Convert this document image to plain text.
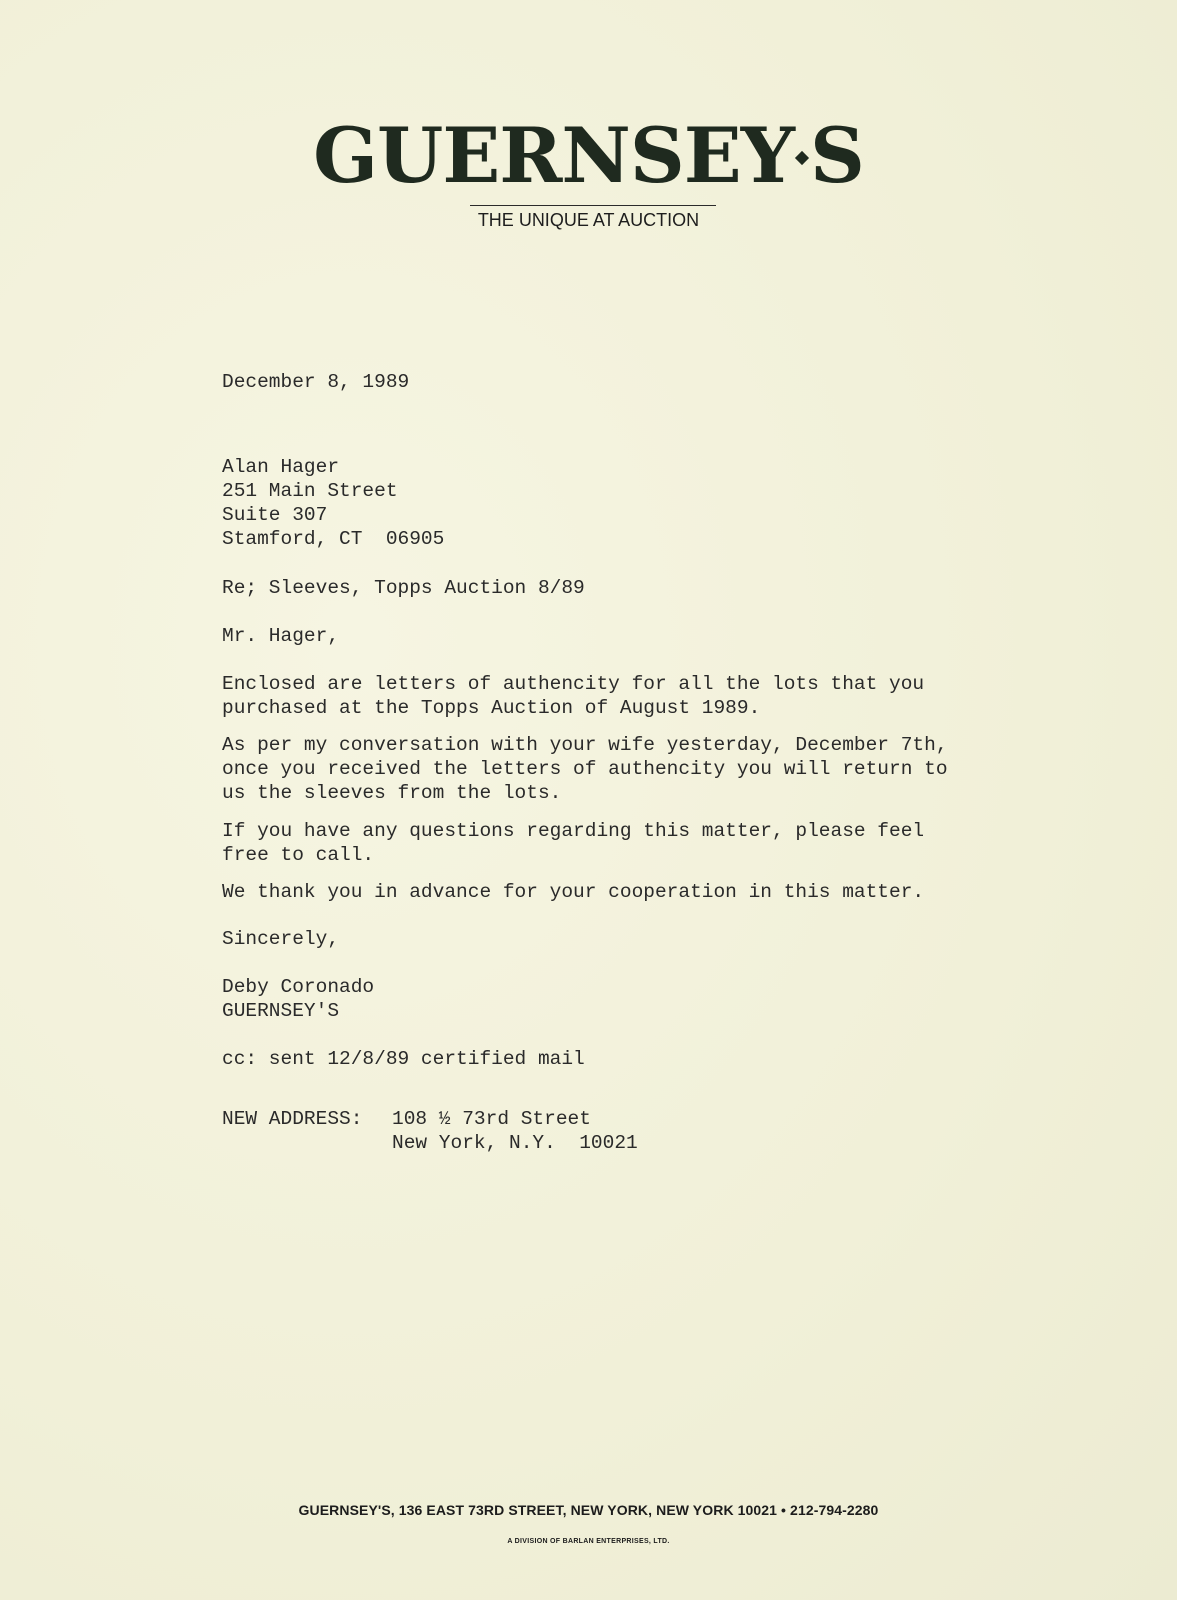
GUERNSEY S
THE UNIQUE AT AUCTION
December 8, 1989
Alan Hager
251 Main Street
Suite 307
Stamford, CT  06905
Re; Sleeves, Topps Auction 8/89
Mr. Hager,
Enclosed are letters of authencity for all the lots that you
purchased at the Topps Auction of August 1989.
As per my conversation with your wife yesterday, December 7th,
once you received the letters of authencity you will return to
us the sleeves from the lots.
If you have any questions regarding this matter, please feel
free to call.
We thank you in advance for your cooperation in this matter.
Sincerely,
Deby Coronado
GUERNSEY'S
cc: sent 12/8/89 certified mail
NEW ADDRESS: 108 ½ 73rd Street
New York, N.Y.  10021
GUERNSEY'S, 136 EAST 73RD STREET, NEW YORK, NEW YORK 10021 • 212-794-2280
A DIVISION OF BARLAN ENTERPRISES, LTD.
